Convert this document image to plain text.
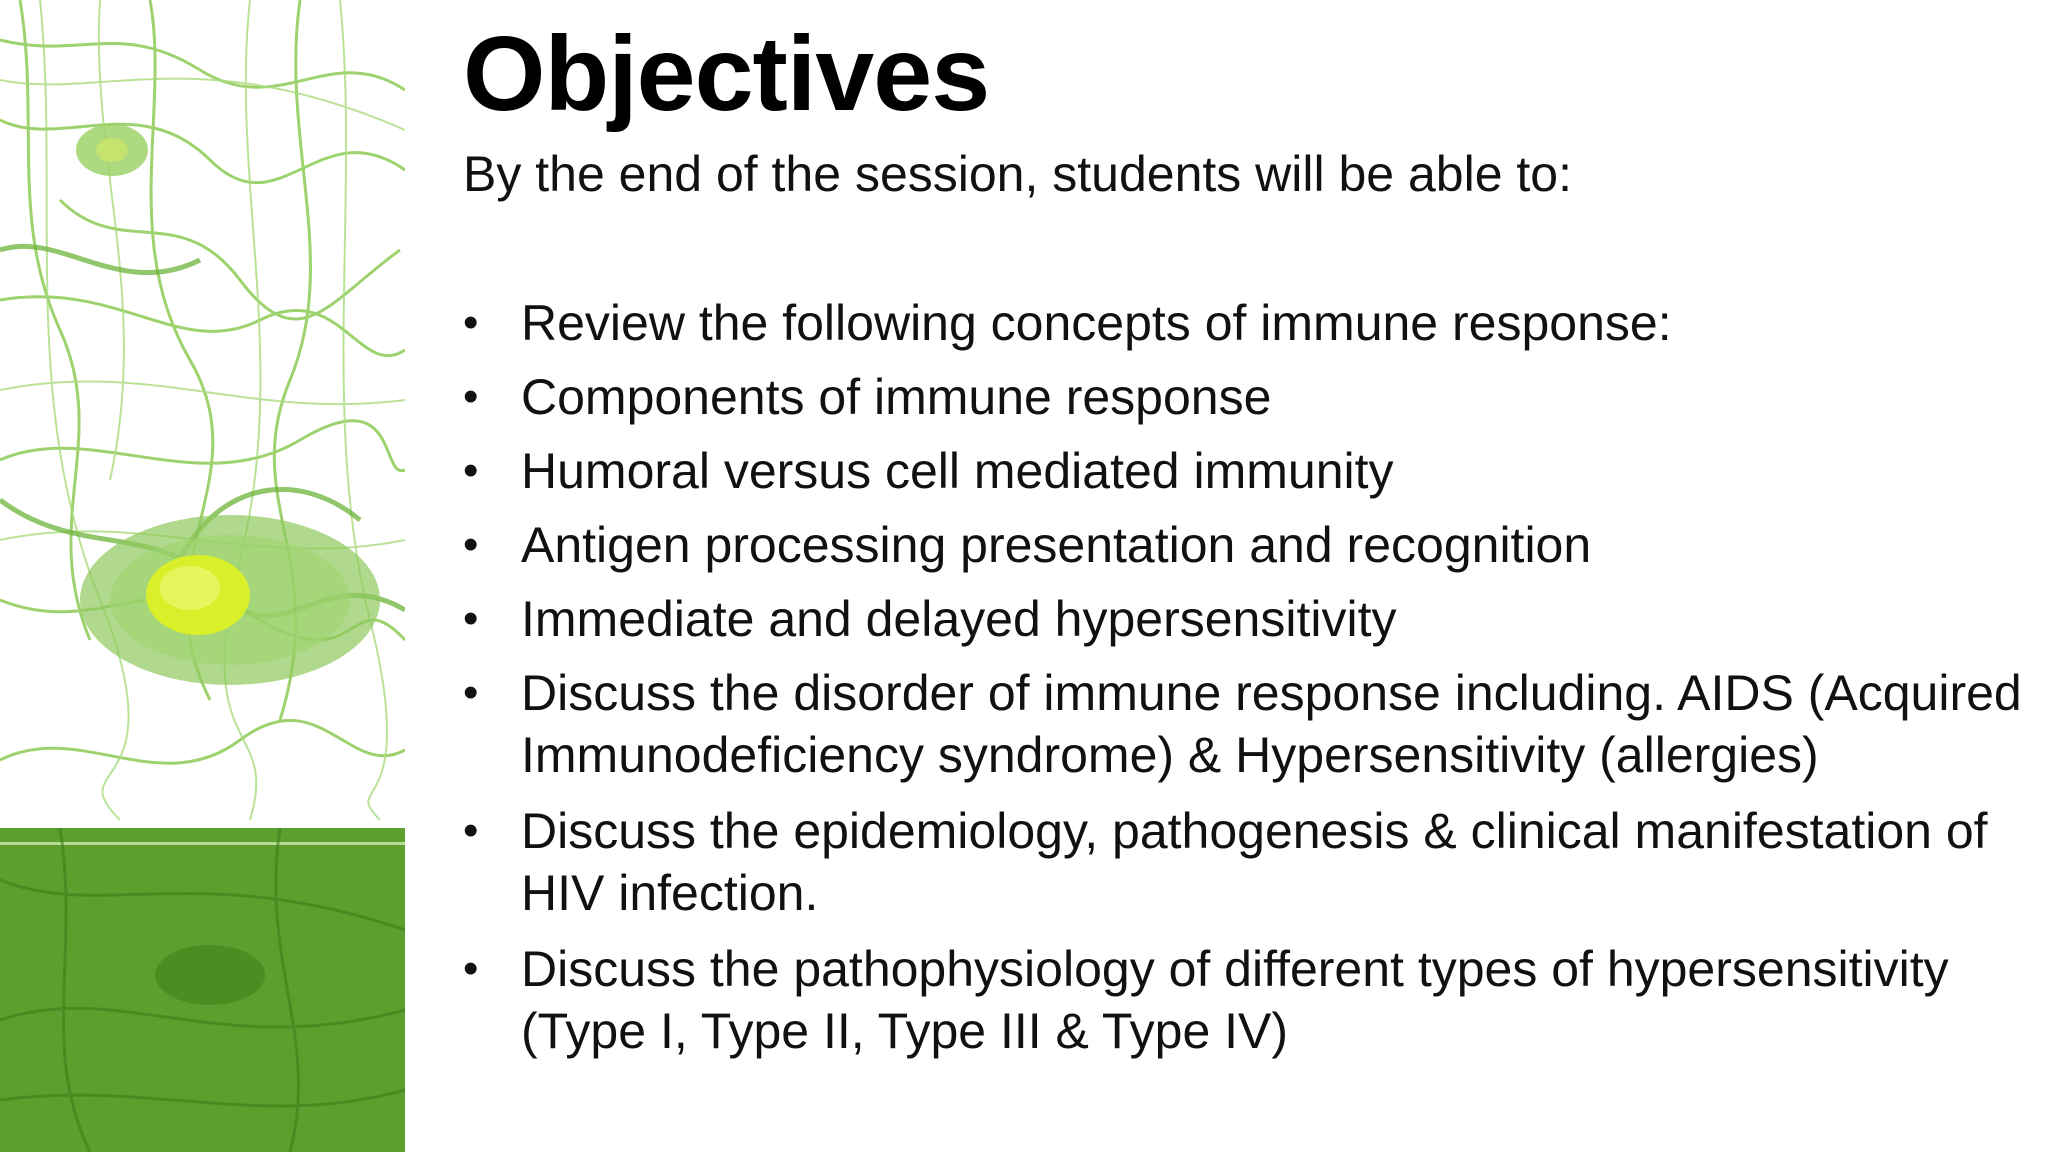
Objectives

By the end of the session, students will be able to:

• Review the following concepts of immune response:
• Components of immune response
• Humoral versus cell mediated immunity
• Antigen processing presentation and recognition
• Immediate and delayed hypersensitivity
• Discuss the disorder of immune response including. AIDS (Acquired Immunodeficiency syndrome) & Hypersensitivity (allergies)
• Discuss the epidemiology, pathogenesis & clinical manifestation of HIV infection.
• Discuss the pathophysiology of different types of hypersensitivity (Type I, Type II, Type III & Type IV)
